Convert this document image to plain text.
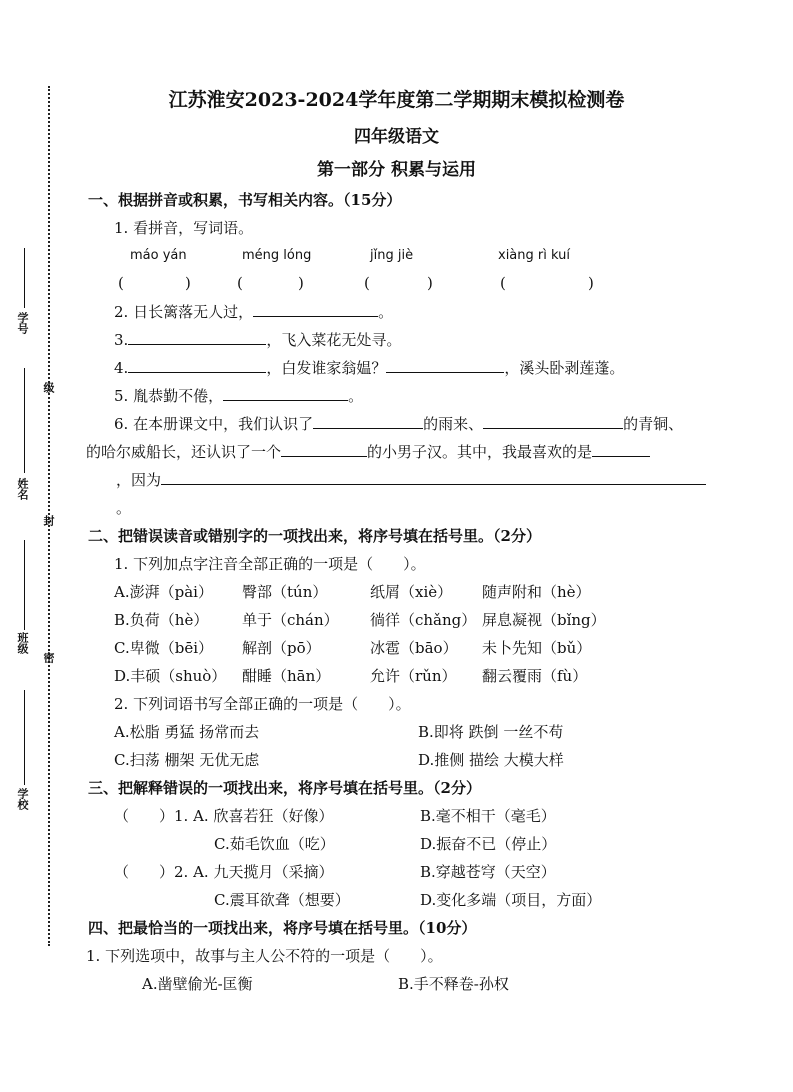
学号
级
姓名
封
班级
密
学校
江苏淮安2023-2024学年度第二学期期末模拟检测卷
四年级语文
第一部分 积累与运用
一、根据拼音或积累，书写相关内容。（15分）
1. 看拼音，写词语。
máo yán	méng lóng	jǐng jiè	xiàng rì kuí
(	)	(	)	(	)	(	)
2. 日长篱落无人过，	。
3.	，飞入菜花无处寻。
4.	，白发谁家翁媪？	，溪头卧剥莲蓬。
5. 胤恭勤不倦，	。
6. 在本册课文中，我们认识了	的雨来、	的青铜、
的哈尔威船长，还认识了一个	的小男子汉。其中，我最喜欢的是
，因为
。
二、把错误读音或错别字的一项找出来，将序号填在括号里。（2分）
1. 下列加点字注音全部正确的一项是（　　）。
A.澎湃（pài） 臀部（tún）	纸屑（xiè） 随声附和（hè）
B.负荷（hè） 单于（chán） 徜徉（chǎng） 屏息凝视（bǐng）
C.卑微（bēi） 解剖（pō）	冰雹（bāo） 未卜先知（bǔ）
D.丰硕（shuò） 酣睡（hān）	允许（rǔn） 翻云覆雨（fù）
2. 下列词语书写全部正确的一项是（　　）。
A.松脂 勇猛 扬常而去	B.即将 跌倒 一丝不苟
C.扫荡 棚架 无优无虑	D.推侧 描绘 大模大样
三、把解释错误的一项找出来，将序号填在括号里。（2分）
（　　）1. A. 欣喜若狂（好像）	B.毫不相干（毫毛）
C.茹毛饮血（吃）	D.振奋不已（停止）
（　　）2. A. 九天揽月（采摘）	B.穿越苍穹（天空）
C.震耳欲聋（想要）	D.变化多端（项目，方面）
四、把最恰当的一项找出来，将序号填在括号里。（10分）
1. 下列选项中，故事与主人公不符的一项是（　　）。
A.凿壁偷光-匡衡	B.手不释卷-孙权
